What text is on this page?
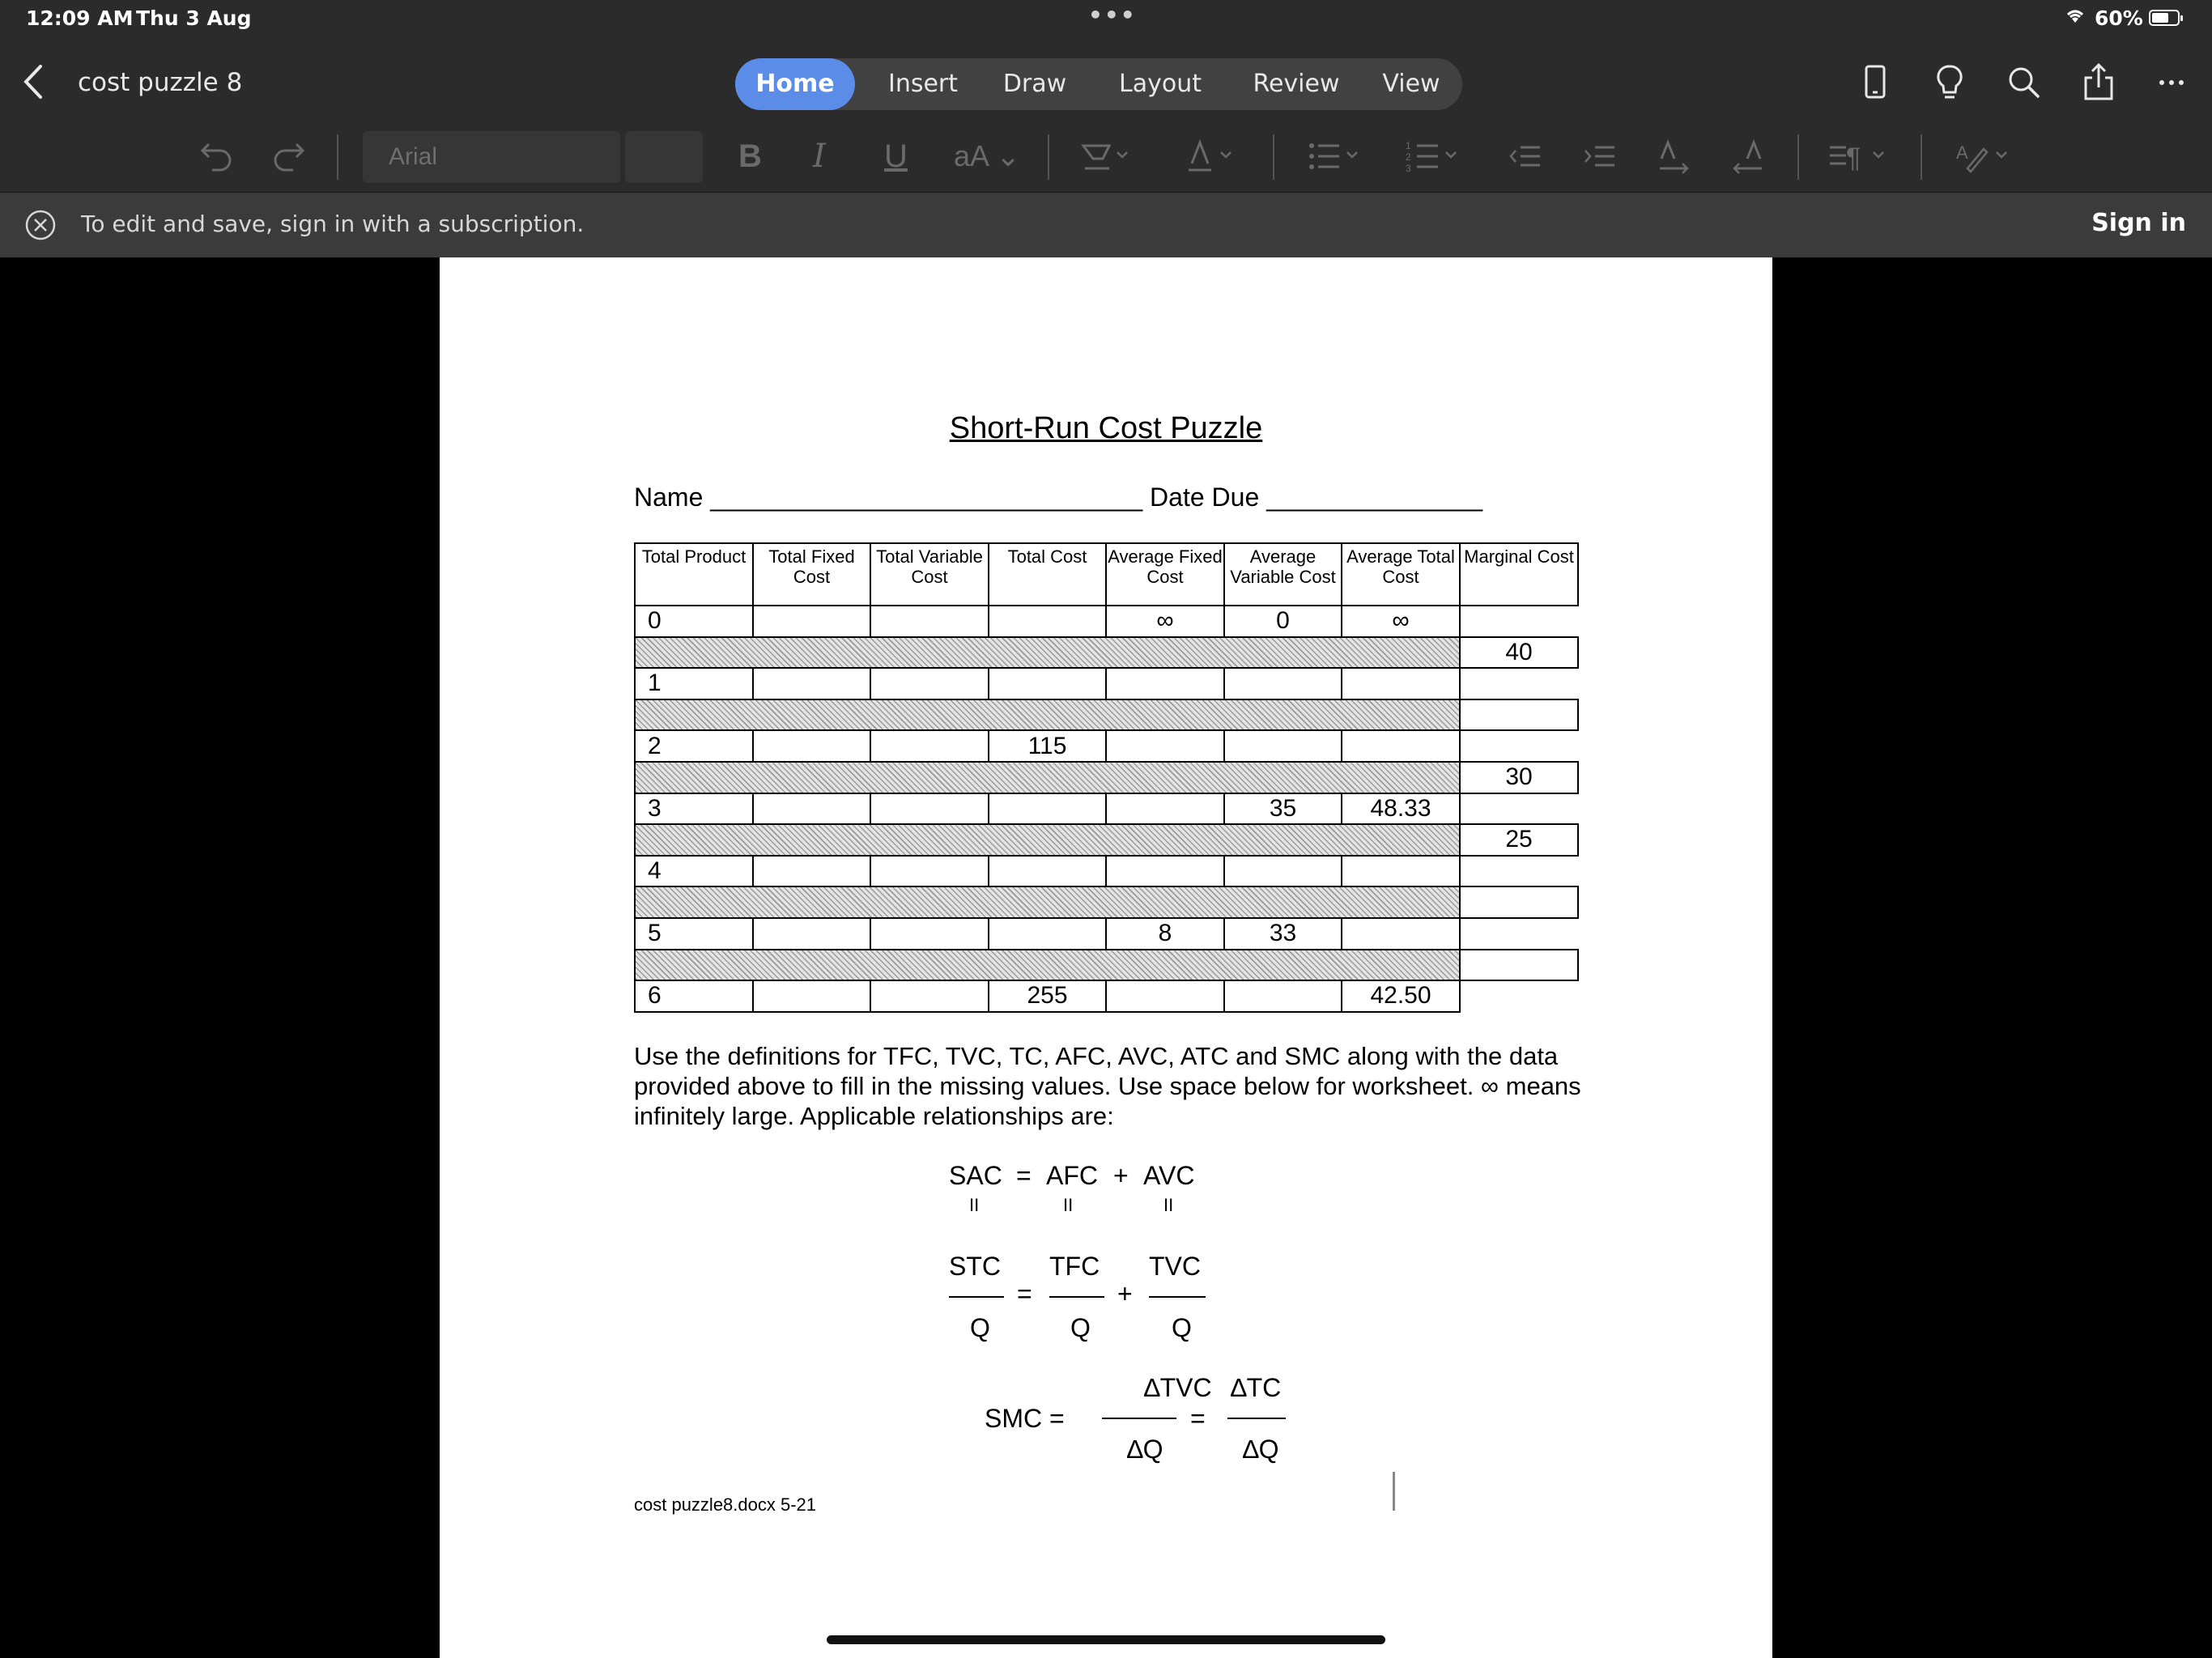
12:09 AM Thu 3 Aug	•••	60%
cost puzzle 8	Home	Insert	Draw	Layout	Review	View
Arial	B I U aA ⌄	1
2
3	¶	A
To edit and save, sign in with a subscription.	Sign in
Short-Run Cost Puzzle
Name ______________________________ Date Due _______________
Total Product	Total Fixed Cost	Total Variable Cost	Total Cost	Average Fixed Cost	Average Variable Cost	Average Total Cost	Marginal Cost
0				∞	0	∞	
							40
1							

2			115				
							30
3					35	48.33	
							25
4							

5				8	33		

6			255			42.50	
Use the definitions for TFC, TVC, TC, AFC, AVC, ATC and SMC along with the data provided above to fill in the missing values. Use space below for worksheet. ∞ means infinitely large. Applicable relationships are:
SAC = AFC + AVC
II	II	II
STC
Q
=
TFC
Q
+
TVC
Q
SMC =
∆TVC
∆Q
=
∆TC
∆Q
cost puzzle8.docx 5-21
